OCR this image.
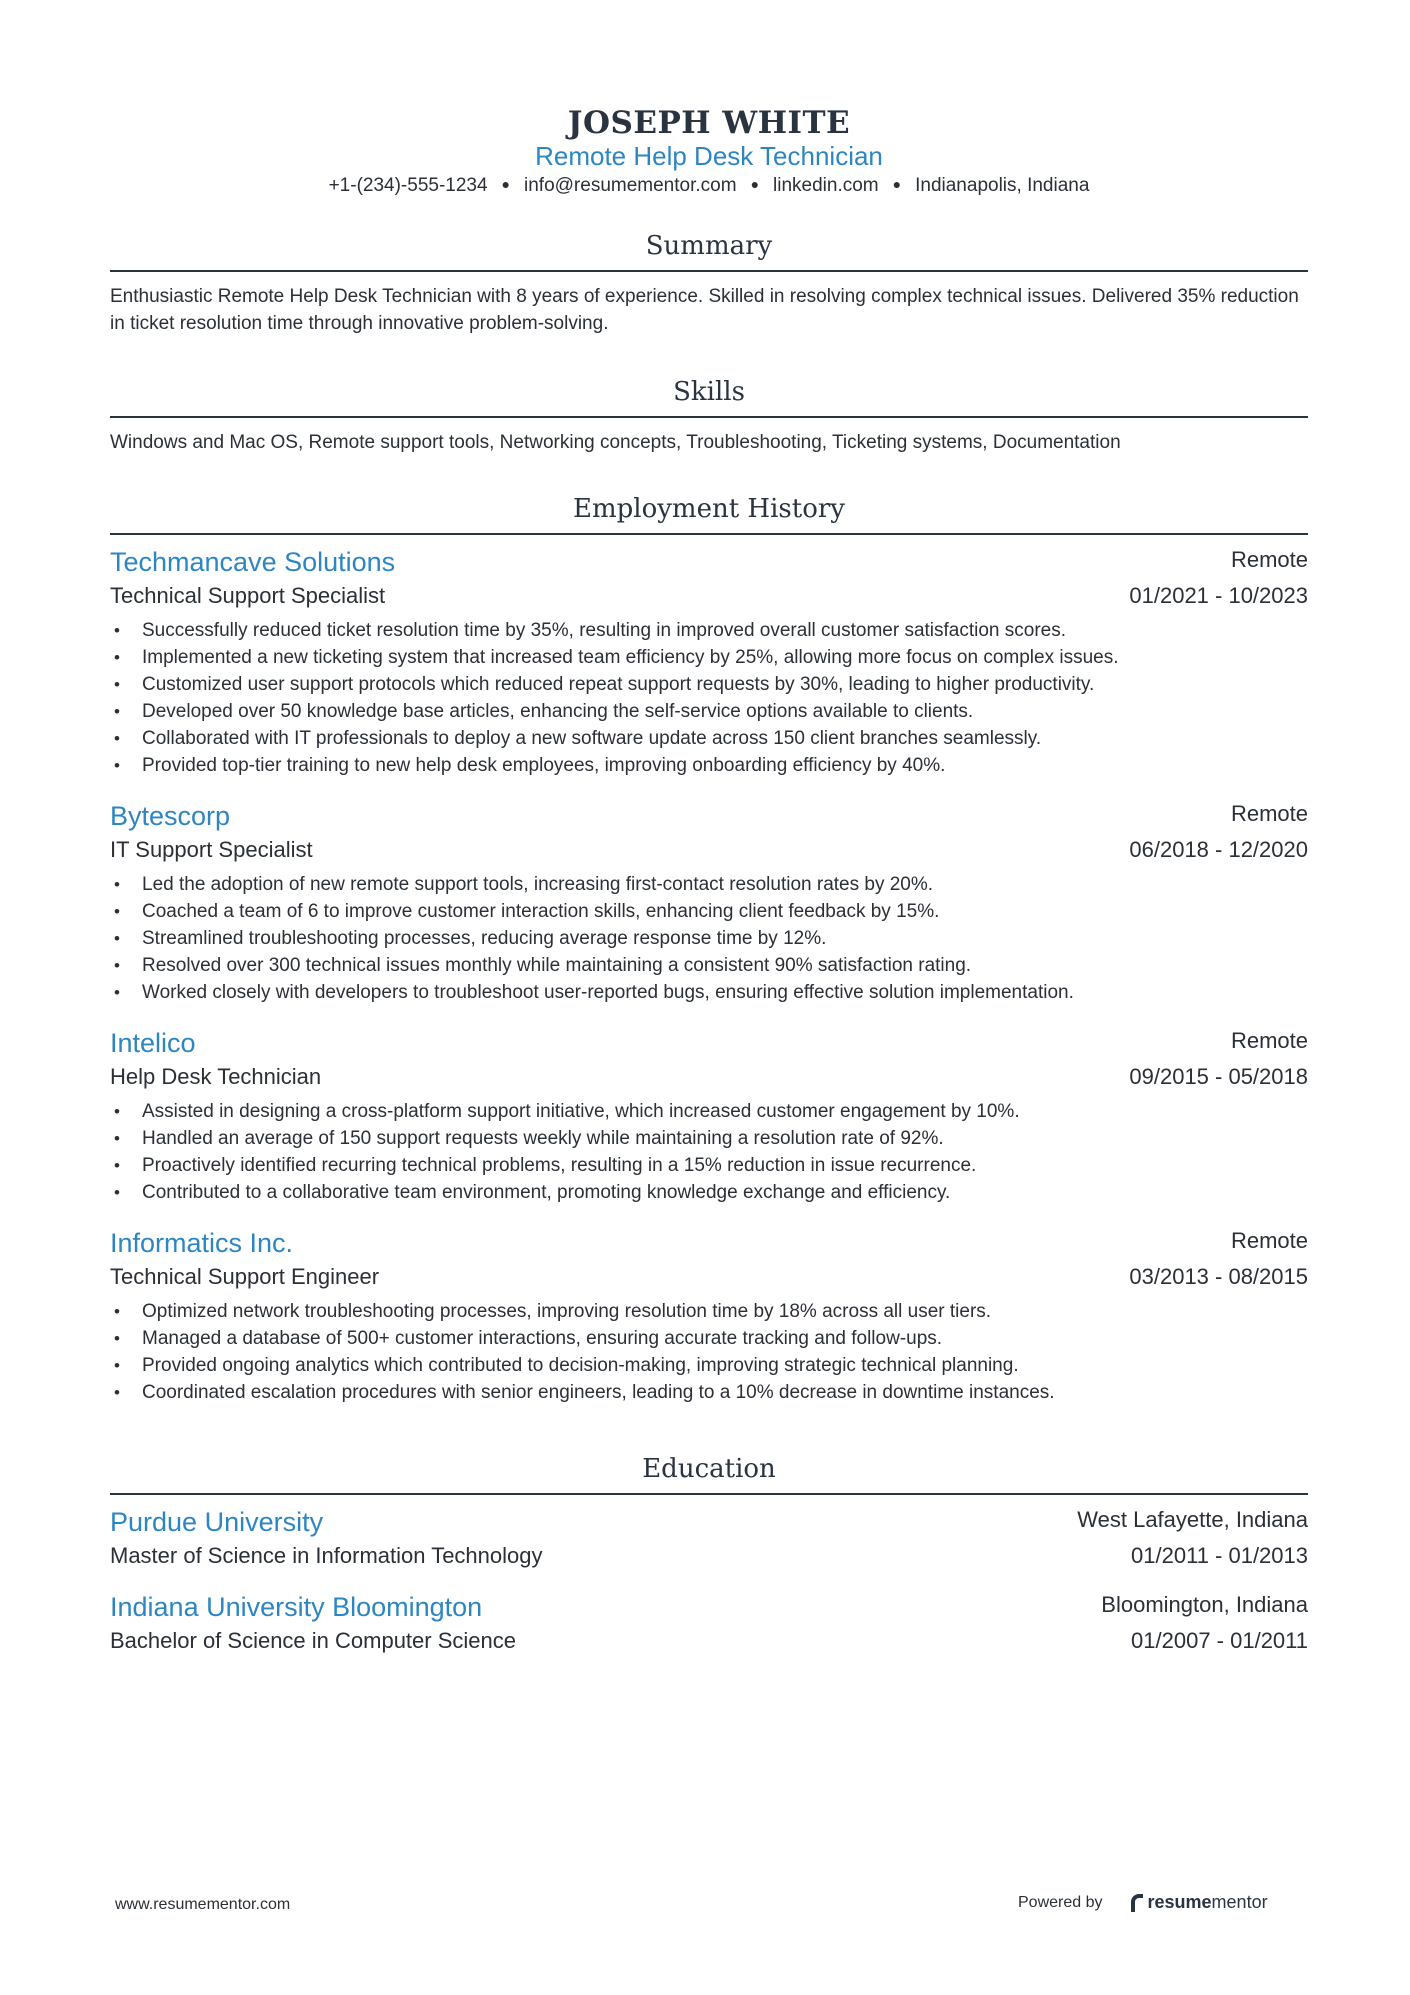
JOSEPH WHITE
Remote Help Desk Technician
+1-(234)-555-1234 ● info@resumementor.com ● linkedin.com ● Indianapolis, Indiana
Summary
Enthusiastic Remote Help Desk Technician with 8 years of experience. Skilled in resolving complex technical issues. Delivered 35% reduction in ticket resolution time through innovative problem-solving.
Skills
Windows and Mac OS, Remote support tools, Networking concepts, Troubleshooting, Ticketing systems, Documentation
Employment History
Techmancave Solutions	Remote
Technical Support Specialist	01/2021 - 10/2023
• Successfully reduced ticket resolution time by 35%, resulting in improved overall customer satisfaction scores.
• Implemented a new ticketing system that increased team efficiency by 25%, allowing more focus on complex issues.
• Customized user support protocols which reduced repeat support requests by 30%, leading to higher productivity.
• Developed over 50 knowledge base articles, enhancing the self-service options available to clients.
• Collaborated with IT professionals to deploy a new software update across 150 client branches seamlessly.
• Provided top-tier training to new help desk employees, improving onboarding efficiency by 40%.
Bytescorp	Remote
IT Support Specialist	06/2018 - 12/2020
• Led the adoption of new remote support tools, increasing first-contact resolution rates by 20%.
• Coached a team of 6 to improve customer interaction skills, enhancing client feedback by 15%.
• Streamlined troubleshooting processes, reducing average response time by 12%.
• Resolved over 300 technical issues monthly while maintaining a consistent 90% satisfaction rating.
• Worked closely with developers to troubleshoot user-reported bugs, ensuring effective solution implementation.
Intelico	Remote
Help Desk Technician	09/2015 - 05/2018
• Assisted in designing a cross-platform support initiative, which increased customer engagement by 10%.
• Handled an average of 150 support requests weekly while maintaining a resolution rate of 92%.
• Proactively identified recurring technical problems, resulting in a 15% reduction in issue recurrence.
• Contributed to a collaborative team environment, promoting knowledge exchange and efficiency.
Informatics Inc.	Remote
Technical Support Engineer	03/2013 - 08/2015
• Optimized network troubleshooting processes, improving resolution time by 18% across all user tiers.
• Managed a database of 500+ customer interactions, ensuring accurate tracking and follow-ups.
• Provided ongoing analytics which contributed to decision-making, improving strategic technical planning.
• Coordinated escalation procedures with senior engineers, leading to a 10% decrease in downtime instances.
Education
Purdue University	West Lafayette, Indiana
Master of Science in Information Technology	01/2011 - 01/2013
Indiana University Bloomington	Bloomington, Indiana
Bachelor of Science in Computer Science	01/2007 - 01/2011
www.resumementor.com	Powered by	resume mentor
